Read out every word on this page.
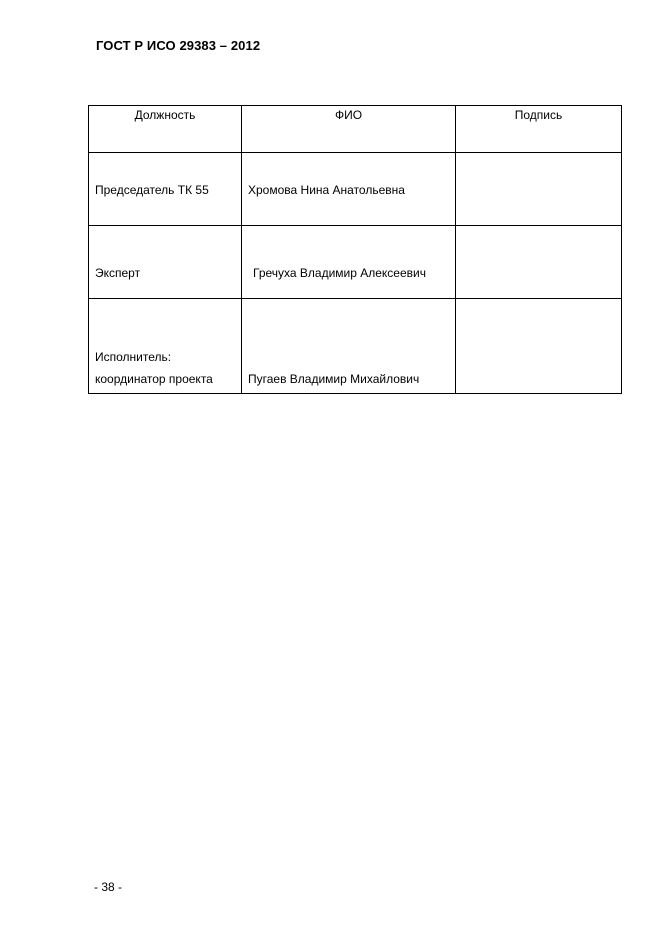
ГОСТ Р ИСО 29383 – 2012
Должность	ФИО	Подпись

Председатель ТК 55	Хромова Нина Анатольевна	

Эксперт	Гречуха Владимир Алексеевич	

Исполнитель:
координатор проекта	Пугаев Владимир Михайлович	

- 38 -
